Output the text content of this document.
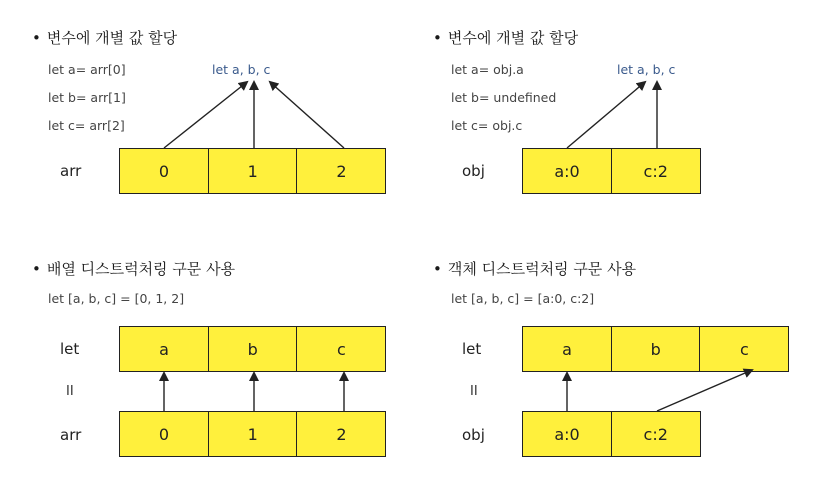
• 변수에 개별 값 할당
let a= arr[0]
let b= arr[1]
let c= arr[2]
let a, b, c
arr	0	1	2
• 변수에 개별 값 할당
let a= obj.a
let b= undefined
let c= obj.c
let a, b, c
obj	a:0	c:2
• 배열 디스트럭처링 구문 사용
let [a, b, c] = [0, 1, 2]
let
II
arr
a	b	c
0	1	2
• 객체 디스트럭처링 구문 사용
let [a, b, c] = [a:0, c:2]
let
II
obj
a	b	c
a:0	c:2
